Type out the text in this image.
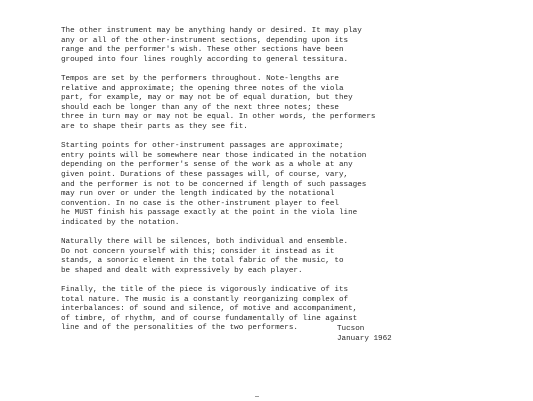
The other instrument may be anything handy or desired. It may play
any or all of the other-instrument sections, depending upon its
range and the performer's wish. These other sections have been
grouped into four lines roughly according to general tessitura.
Tempos are set by the performers throughout. Note-lengths are
relative and approximate; the opening three notes of the viola
part, for example, may or may not be of equal duration, but they
should each be longer than any of the next three notes; these
three in turn may or may not be equal. In other words, the performers
are to shape their parts as they see fit.
Starting points for other-instrument passages are approximate;
entry points will be somewhere near those indicated in the notation
depending on the performer's sense of the work as a whole at any
given point. Durations of these passages will, of course, vary,
and the performer is not to be concerned if length of such passages
may run over or under the length indicated by the notational
convention. In no case is the other-instrument player to feel
he MUST finish his passage exactly at the point in the viola line
indicated by the notation.
Naturally there will be silences, both individual and ensemble.
Do not concern yourself with this; consider it instead as it
stands, a sonoric element in the total fabric of the music, to
be shaped and dealt with expressively by each player.
Finally, the title of the piece is vigorously indicative of its
total nature. The music is a constantly reorganizing complex of
interbalances: of sound and silence, of motive and accompaniment,
of timbre, of rhythm, and of course fundamentally of line against
line and of the personalities of the two performers.	Tucson
January 1962
